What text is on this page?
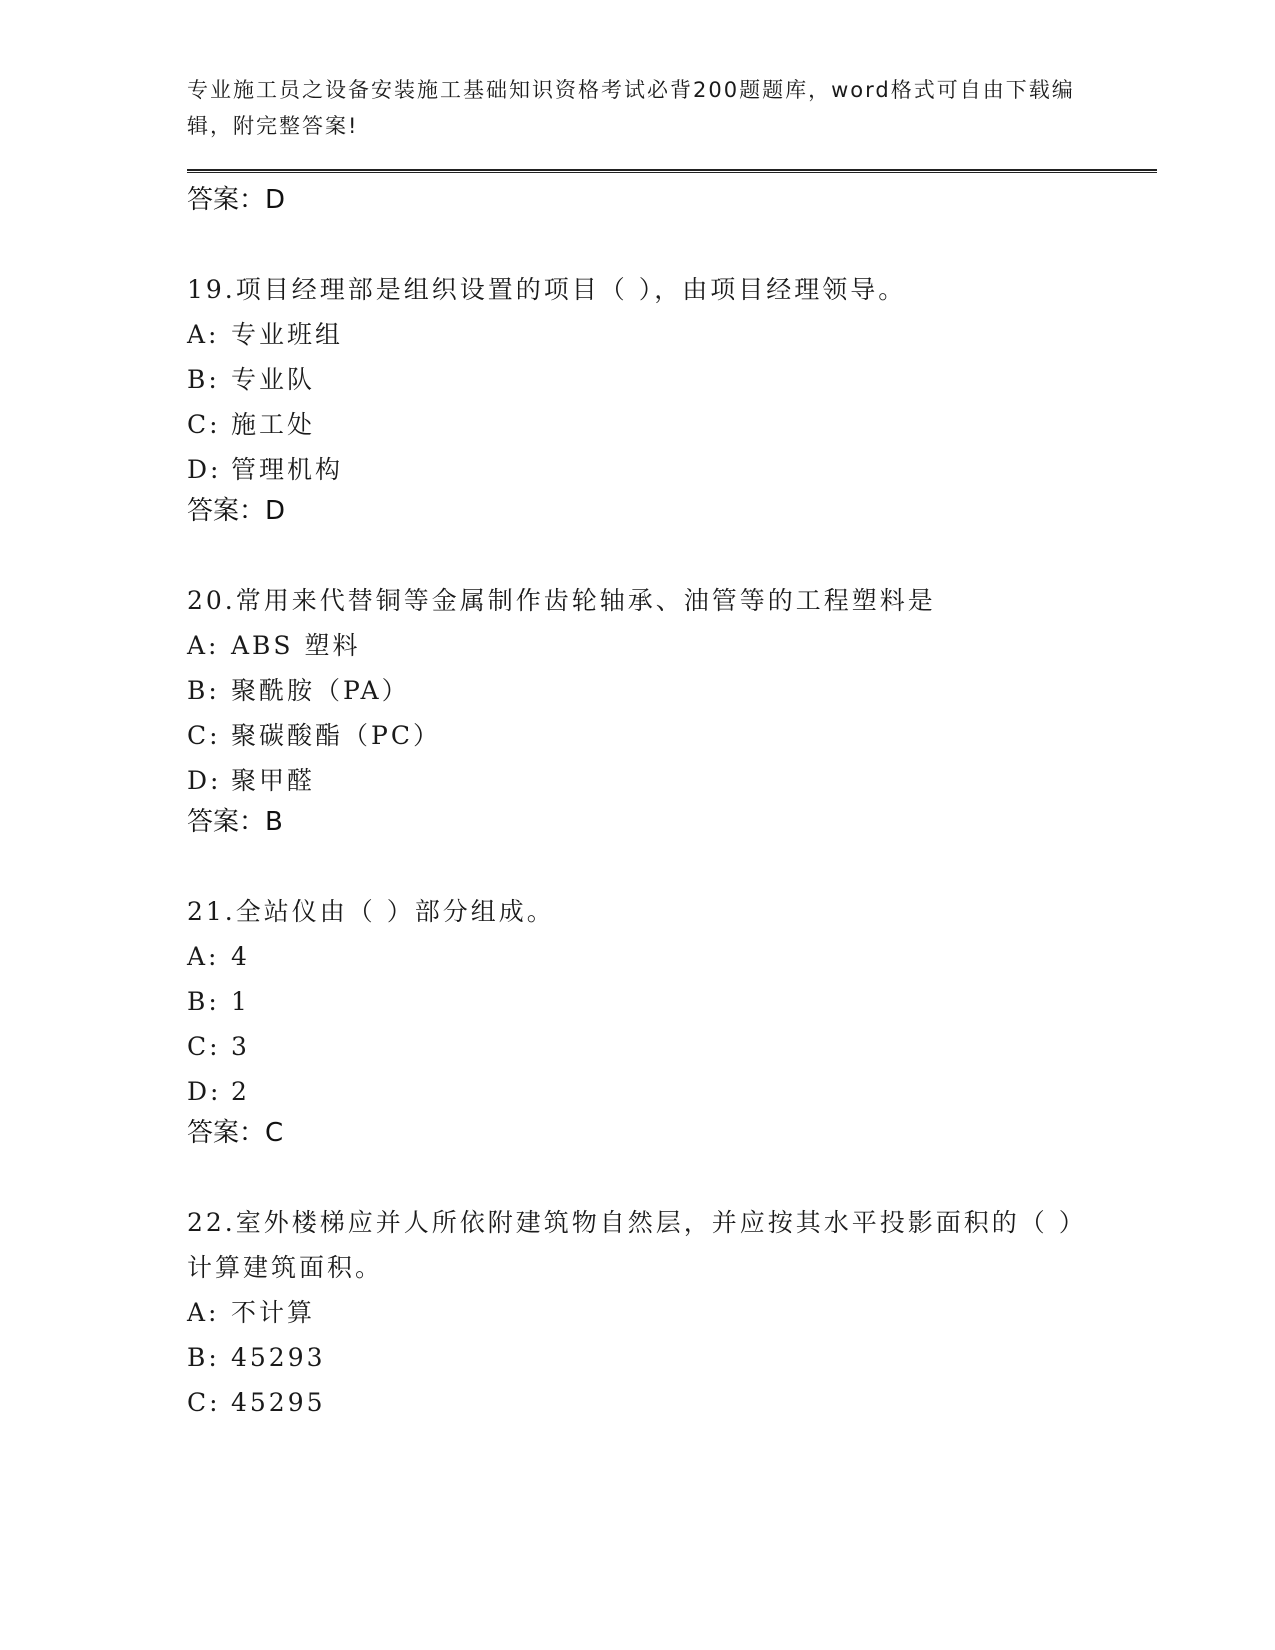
专业施工员之设备安装施工基础知识资格考试必背200题题库，word格式可自由下载编辑，附完整答案!
答案：D
19.项目经理部是组织设置的项目（ ），由项目经理领导。
A: 专业班组
B: 专业队
C: 施工处
D: 管理机构
答案：D
20.常用来代替铜等金属制作齿轮轴承、油管等的工程塑料是
A: ABS 塑料
B: 聚酰胺（PA）
C: 聚碳酸酯（PC）
D: 聚甲醛
答案：B
21.全站仪由（ ）部分组成。
A: 4
B: 1
C: 3
D: 2
答案：C
22.室外楼梯应并人所依附建筑物自然层，并应按其水平投影面积的（ ）计算建筑面积。
A: 不计算
B: 45293
C: 45295
